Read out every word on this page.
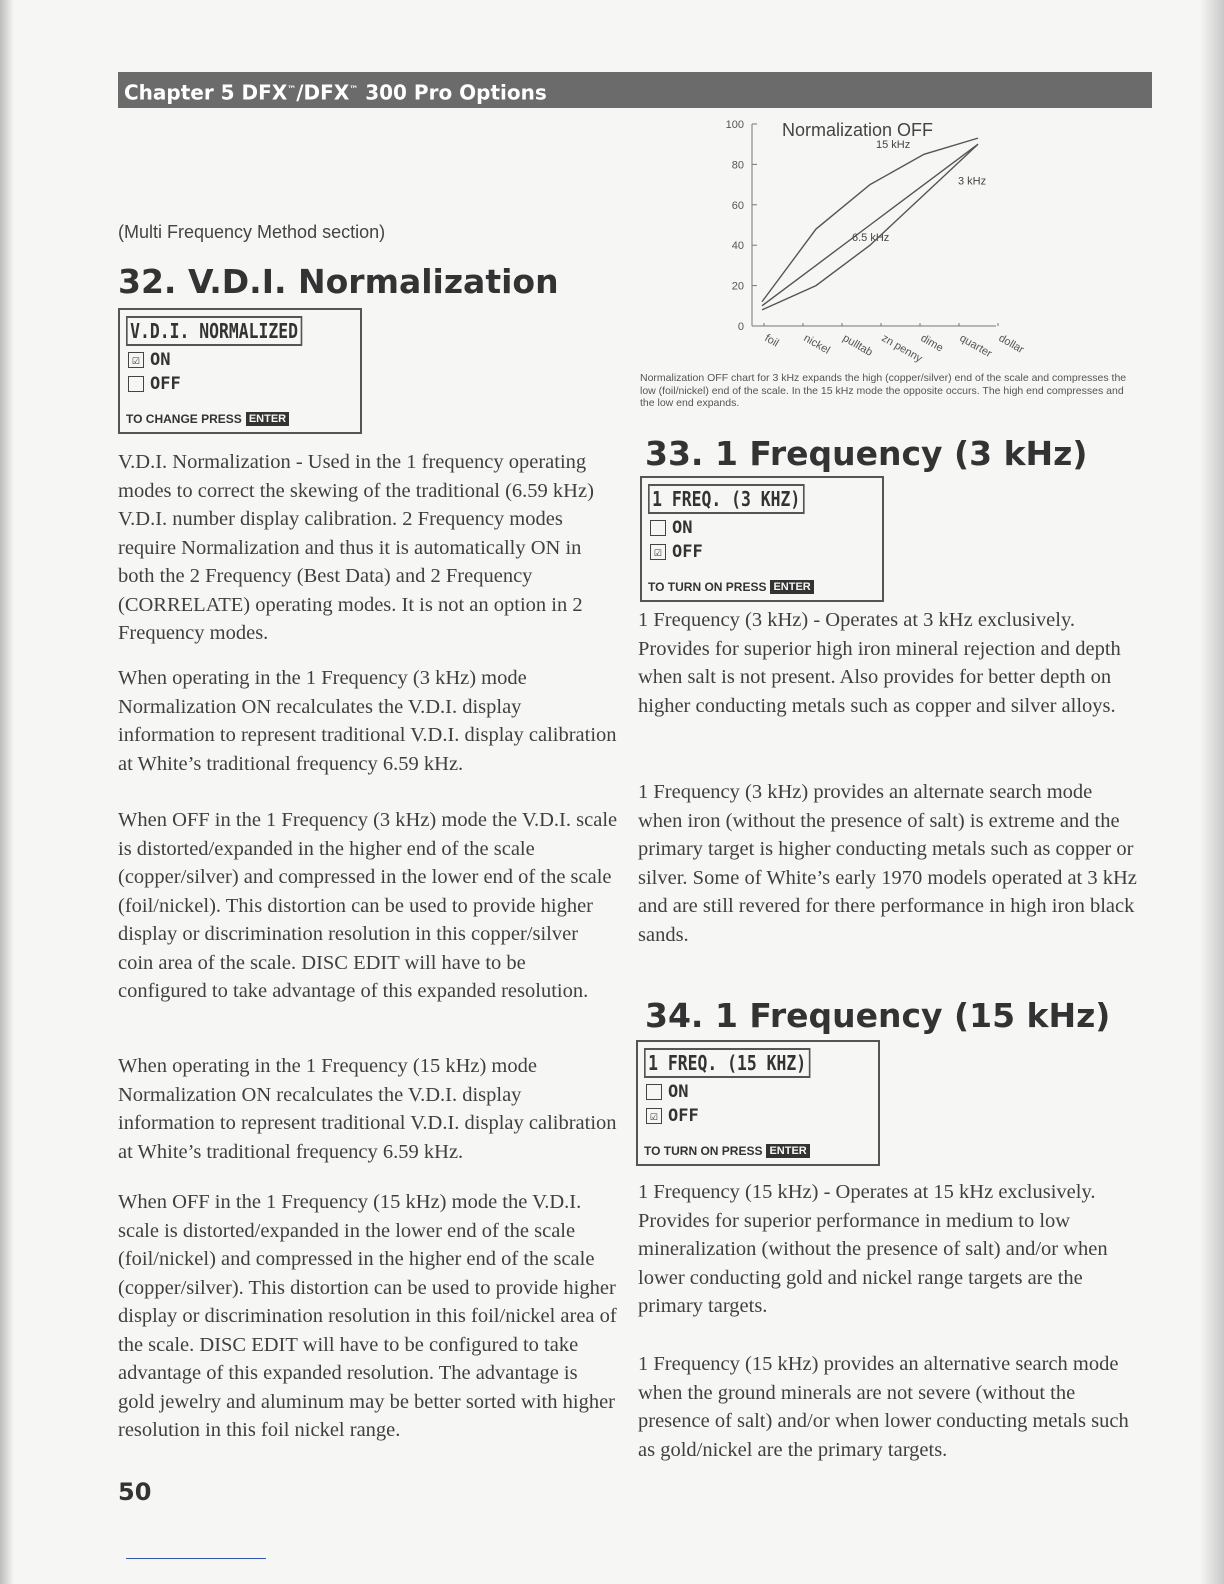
Chapter 5 DFX™/DFX™ 300 Pro Options
(Multi Frequency Method section)
32. V.D.I. Normalization
V.D.I. NORMALIZED
☑ ON
OFF
TO CHANGE PRESS ENTER

V.D.I. Normalization - Used in the 1 frequency operating modes to correct the skewing of the traditional (6.59 kHz) V.D.I. number display calibration. 2 Frequency modes require Normalization and thus it is automatically ON in both the 2 Frequency (Best Data) and 2 Frequency (CORRELATE) operating modes. It is not an option in 2 Frequency modes.

When operating in the 1 Frequency (3 kHz) mode Normalization ON recalculates the V.D.I. display information to represent traditional V.D.I. display calibration at White’s traditional frequency 6.59 kHz.

When OFF in the 1 Frequency (3 kHz) mode the V.D.I. scale is distorted/expanded in the higher end of the scale (copper/silver) and compressed in the lower end of the scale (foil/nickel). This distortion can be used to provide higher display or discrimination resolution in this copper/silver coin area of the scale. DISC EDIT will have to be configured to take advantage of this expanded resolution.

When operating in the 1 Frequency (15 kHz) mode Normalization ON recalculates the V.D.I. display information to represent traditional V.D.I. display calibration at White’s traditional frequency 6.59 kHz.

When OFF in the 1 Frequency (15 kHz) mode the V.D.I. scale is distorted/expanded in the lower end of the scale (foil/nickel) and compressed in the higher end of the scale (copper/silver). This distortion can be used to provide higher display or discrimination resolution in this foil/nickel area of the scale. DISC EDIT will have to be configured to take advantage of this expanded resolution. The advantage is gold jewelry and aluminum may be better sorted with higher resolution in this foil nickel range.

100
80
60
40
20
0
foil nickel pulltab zn penny
dime quarter dollar
Normalization OFF
15 kHz
6.5 kHz
3 kHz

Normalization OFF chart for 3 kHz expands the high (copper/silver) end of the scale and compresses the low (foil/nickel) end of the scale. In the 15 kHz mode the opposite occurs. The high end compresses and the low end expands.

33. 1 Frequency (3 kHz)
1 FREQ. (3 KHZ)
ON
☑ OFF
TO TURN ON PRESS ENTER

1 Frequency (3 kHz) - Operates at 3 kHz exclusively. Provides for superior high iron mineral rejection and depth when salt is not present. Also provides for better depth on higher conducting metals such as copper and silver alloys.

1 Frequency (3 kHz) provides an alternate search mode when iron (without the presence of salt) is extreme and the primary target is higher conducting metals such as copper or silver. Some of White’s early 1970 models operated at 3 kHz and are still revered for there performance in high iron black sands.

34. 1 Frequency (15 kHz)
1 FREQ. (15 KHZ)
ON
☑ OFF
TO TURN ON PRESS ENTER

1 Frequency (15 kHz) - Operates at 15 kHz exclusively. Provides for superior performance in medium to low mineralization (without the presence of salt) and/or when lower conducting gold and nickel range targets are the primary targets.

1 Frequency (15 kHz) provides an alternative search mode when the ground minerals are not severe (without the presence of salt) and/or when lower conducting metals such as gold/nickel are the primary targets.

50
